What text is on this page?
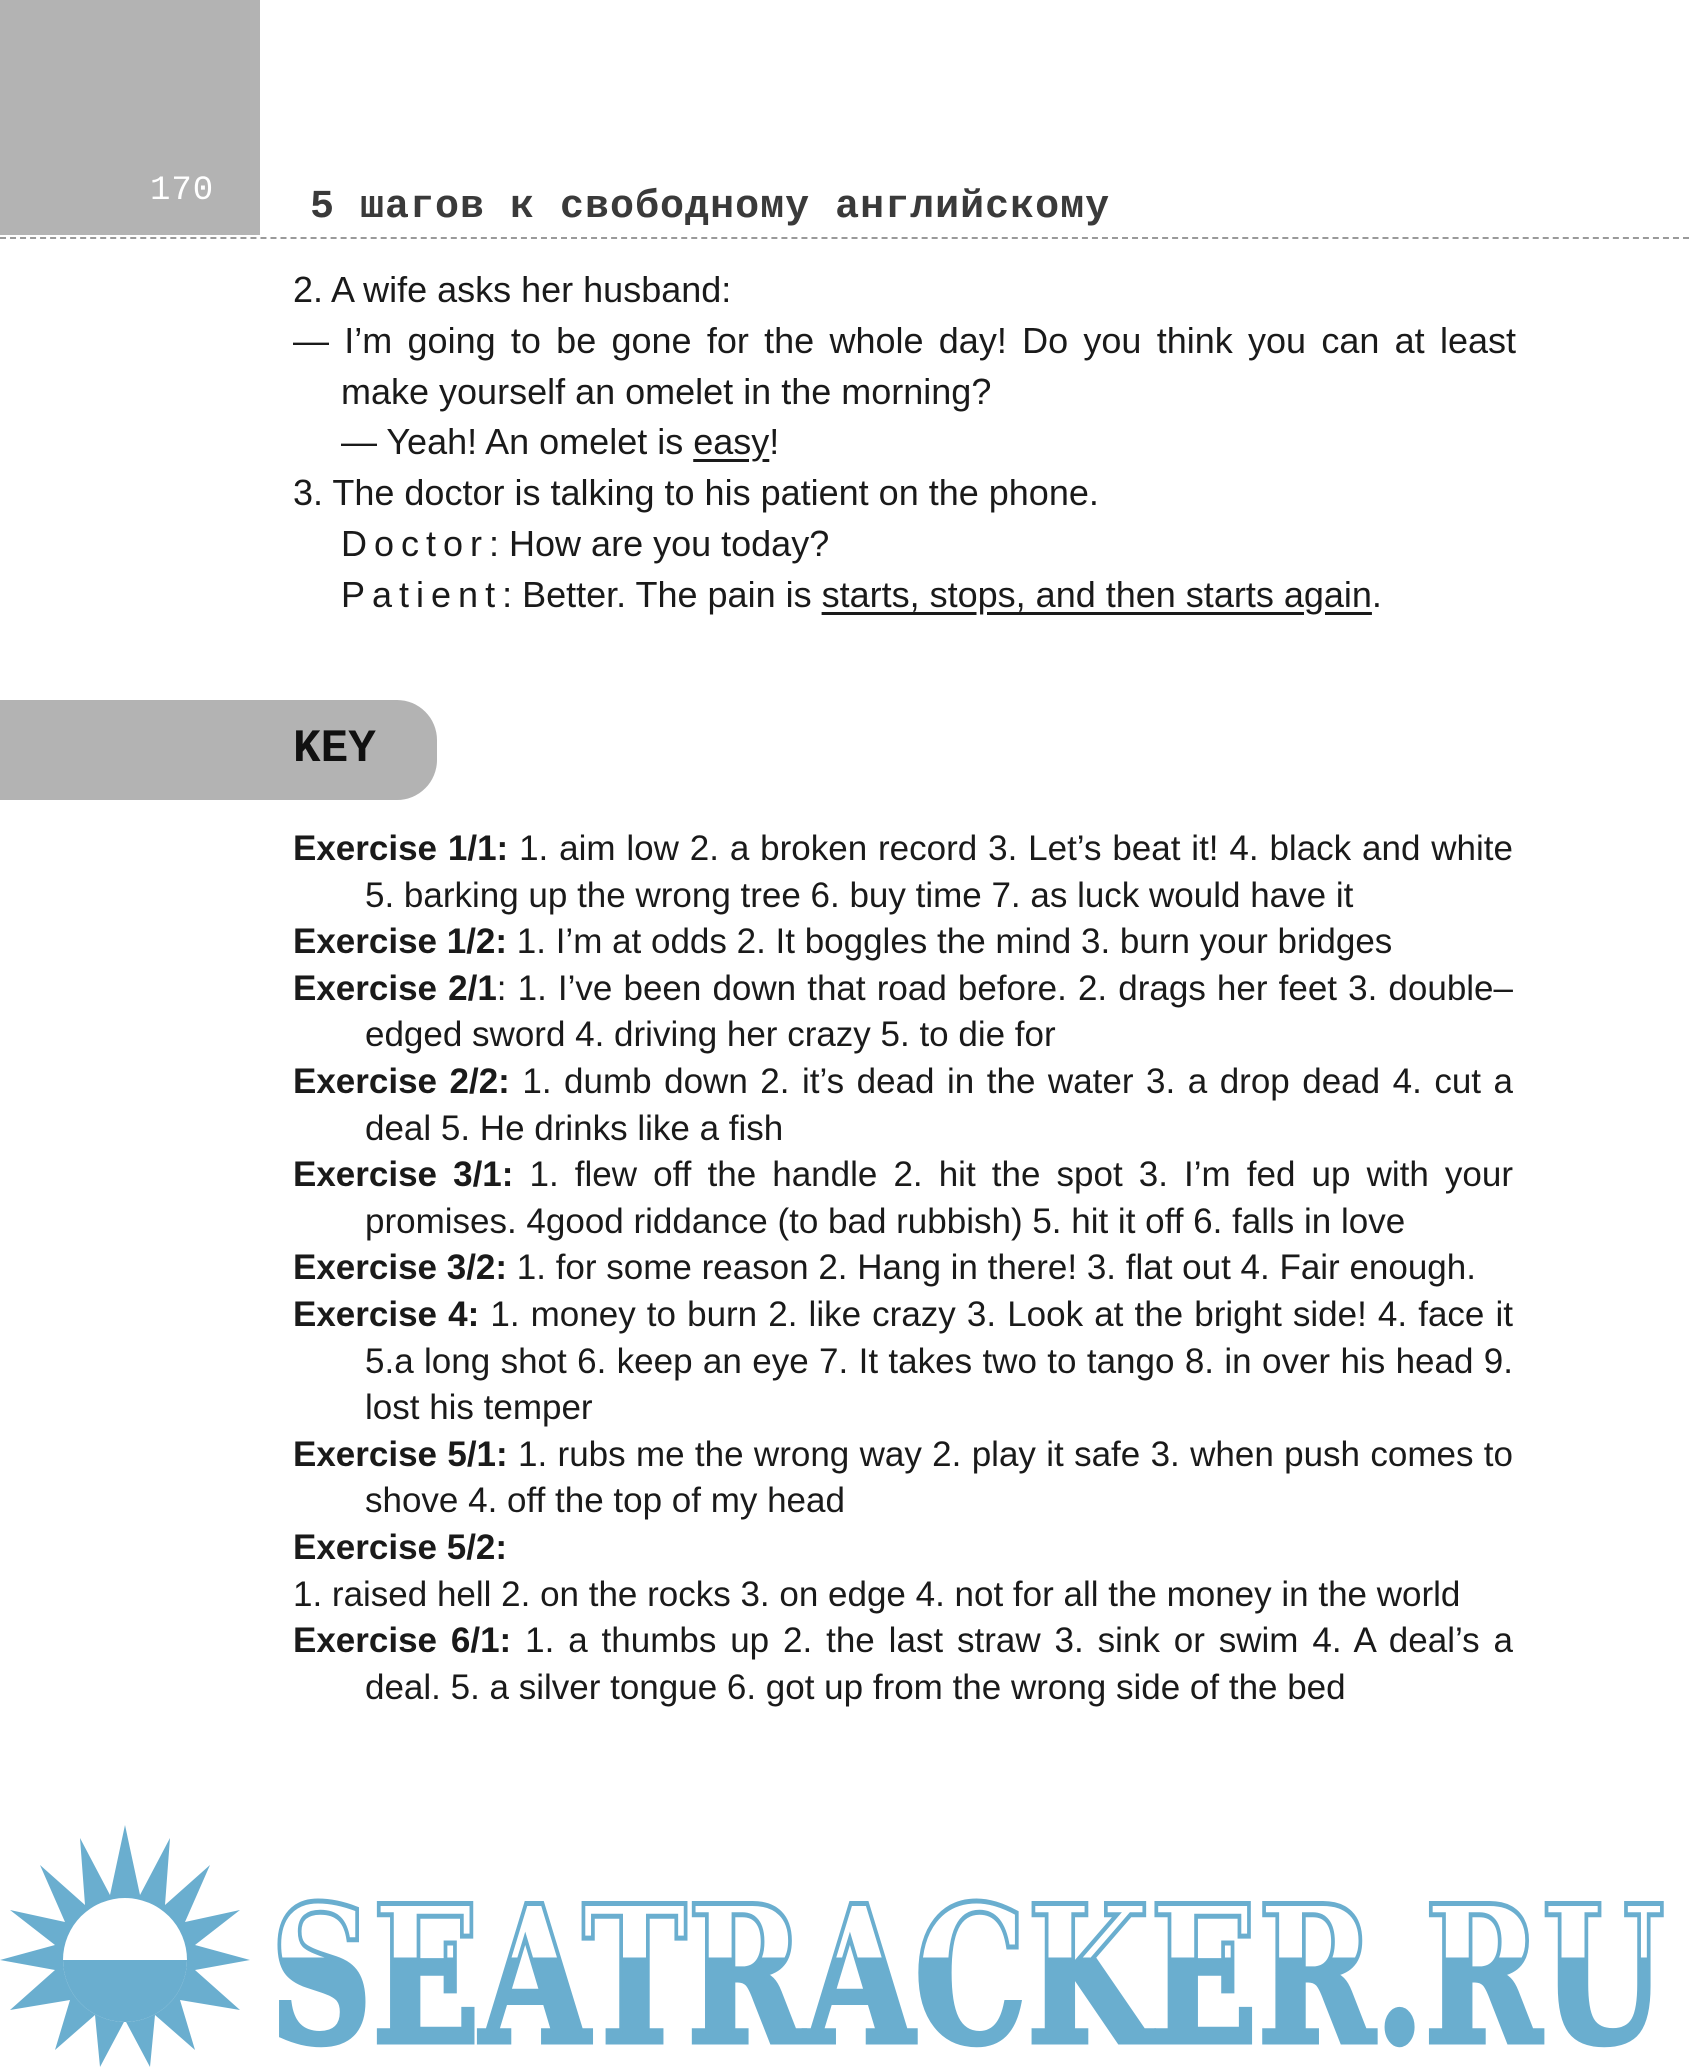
170 5 шагов к свободному английскому

2. A wife asks her husband:

— I’m going to be gone for the whole day! Do you think you can at least make yourself an omelet in the morning?

— Yeah! An omelet is easy!

3. The doctor is talking to his patient on the phone.

Doctor: How are you today?

Patient: Better. The pain is starts, stops, and then starts again.

KEY

Exercise 1/1: 1. aim low 2. a broken record 3. Let’s beat it! 4. black and white 5. barking up the wrong tree 6. buy time 7. as luck would have it

Exercise 1/2: 1. I’m at odds 2. It boggles the mind 3. burn your bridges

Exercise 2/1: 1. I’ve been down that road before. 2. drags her feet 3. double–edged sword 4. driving her crazy 5. to die for

Exercise 2/2: 1. dumb down 2. it’s dead in the water 3. a drop dead 4. cut a deal 5. He drinks like a fish

Exercise 3/1: 1. flew off the handle 2. hit the spot 3. I’m fed up with your promises. 4good riddance (to bad rubbish) 5. hit it off 6. falls in love

Exercise 3/2: 1. for some reason 2. Hang in there! 3. flat out 4. Fair enough.

Exercise 4: 1. money to burn 2. like crazy 3. Look at the bright side! 4. face it 5.a long shot 6. keep an eye 7. It takes two to tango 8. in over his head 9. lost his temper

Exercise 5/1: 1. rubs me the wrong way 2. play it safe 3. when push comes to shove 4. off the top of my head

Exercise 5/2:

1. raised hell 2. on the rocks 3. on edge 4. not for all the money in the world

Exercise 6/1: 1. a thumbs up 2. the last straw 3. sink or swim 4. A deal’s a deal. 5. a silver tongue 6. got up from the wrong side of the bed

SEATRACKER.RU
